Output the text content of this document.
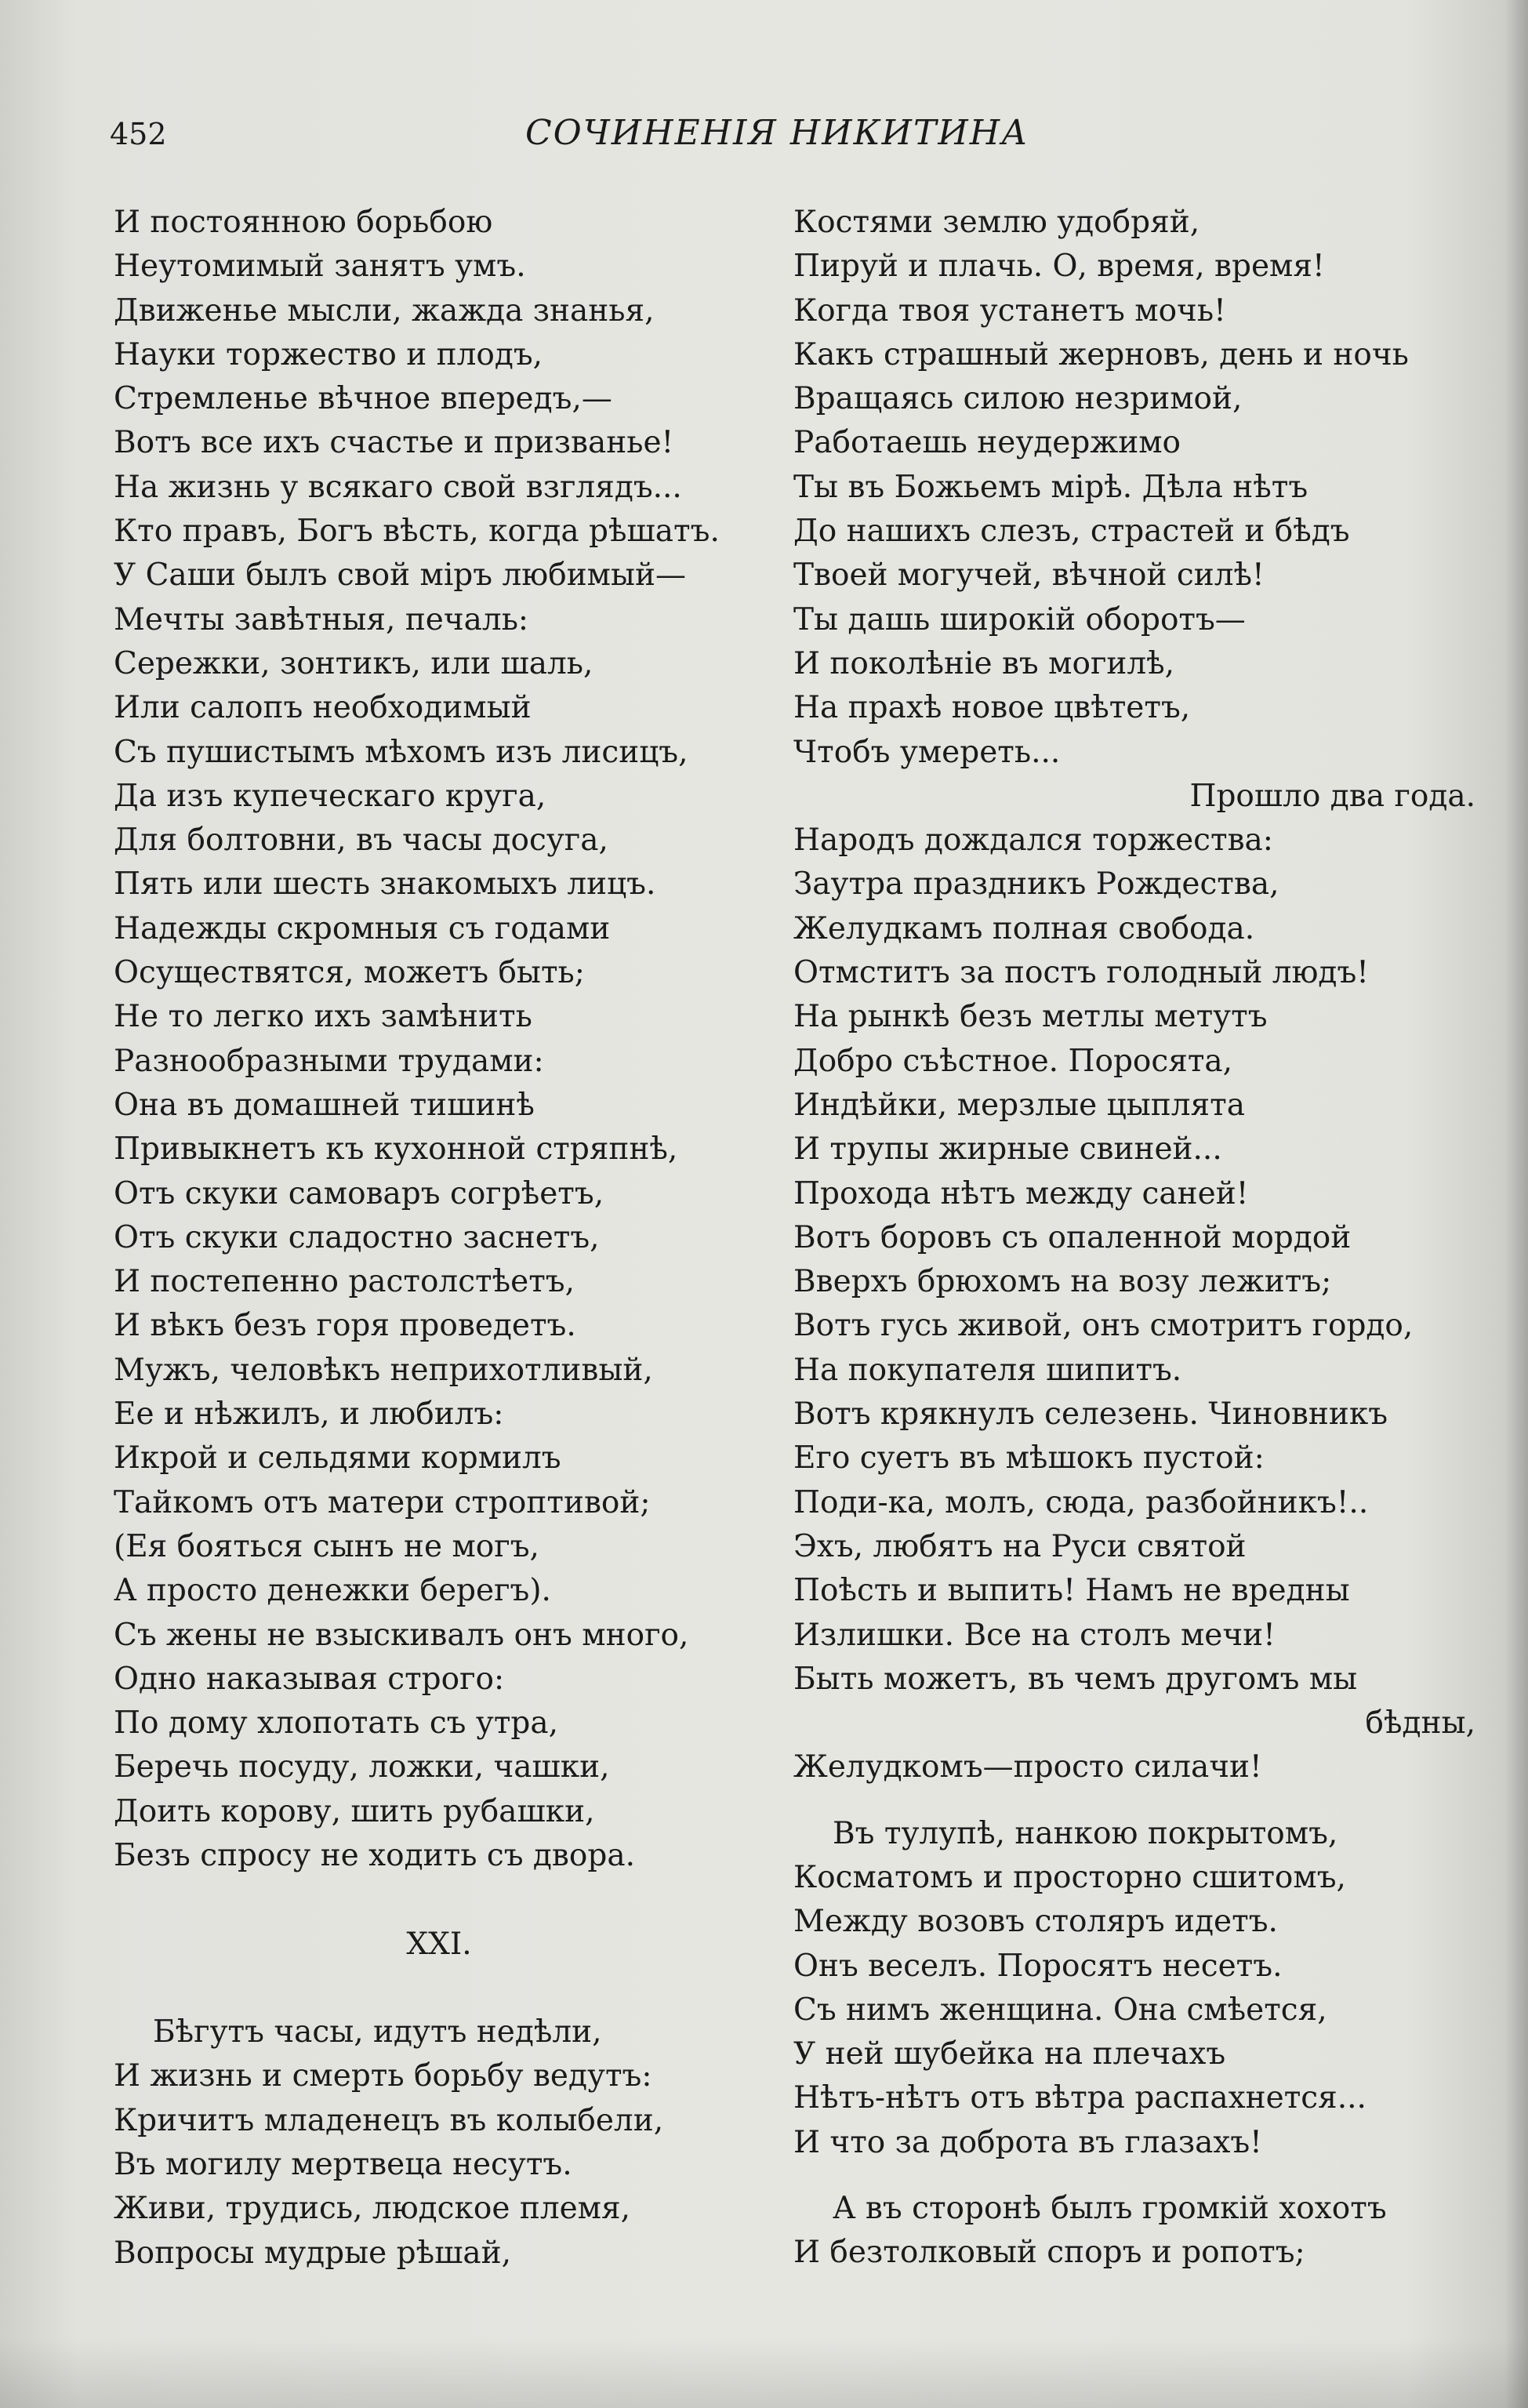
452	СОЧИНЕНІЯ НИКИТИНА
И постоянною борьбою
Неутомимый занятъ умъ.
Движенье мысли, жажда знанья,
Науки торжество и плодъ,
Стремленье вѣчное впередъ,—
Вотъ все ихъ счастье и призванье!
На жизнь у всякаго свой взглядъ...
Кто правъ, Богъ вѣсть, когда рѣшатъ.
У Саши былъ свой міръ любимый—
Мечты завѣтныя, печаль:
Сережки, зонтикъ, или шаль,
Или салопъ необходимый
Съ пушистымъ мѣхомъ изъ лисицъ,
Да изъ купеческаго круга,
Для болтовни, въ часы досуга,
Пять или шесть знакомыхъ лицъ.
Надежды скромныя съ годами
Осуществятся, можетъ быть;
Не то легко ихъ замѣнить
Разнообразными трудами:
Она въ домашней тишинѣ
Привыкнетъ къ кухонной стряпнѣ,
Отъ скуки самоваръ согрѣетъ,
Отъ скуки сладостно заснетъ,
И постепенно растолстѣетъ,
И вѣкъ безъ горя проведетъ.
Мужъ, человѣкъ неприхотливый,
Ее и нѣжилъ, и любилъ:
Икрой и сельдями кормилъ
Тайкомъ отъ матери строптивой;
(Ея бояться сынъ не могъ,
А просто денежки берегъ).
Съ жены не взыскивалъ онъ много,
Одно наказывая строго:
По дому хлопотать съ утра,
Беречь посуду, ложки, чашки,
Доить корову, шить рубашки,
Безъ спросу не ходить съ двора.
XXI.
Бѣгутъ часы, идутъ недѣли,
И жизнь и смерть борьбу ведутъ:
Кричитъ младенецъ въ колыбели,
Въ могилу мертвеца несутъ.
Живи, трудись, людское племя,
Вопросы мудрые рѣшай,
Костями землю удобряй,
Пируй и плачь. О, время, время!
Когда твоя устанетъ мочь!
Какъ страшный жерновъ, день и ночь
Вращаясь силою незримой,
Работаешь неудержимо
Ты въ Божьемъ мірѣ. Дѣла нѣтъ
До нашихъ слезъ, страстей и бѣдъ
Твоей могучей, вѣчной силѣ!
Ты дашь широкій оборотъ—
И поколѣніе въ могилѣ,
На прахѣ новое цвѣтетъ,
Чтобъ умереть...
Прошло два года.
Народъ дождался торжества:
Заутра праздникъ Рождества,
Желудкамъ полная свобода.
Отмститъ за постъ голодный людъ!
На рынкѣ безъ метлы метутъ
Добро съѣстное. Поросята,
Индѣйки, мерзлые цыплята
И трупы жирные свиней...
Прохода нѣтъ между саней!
Вотъ боровъ съ опаленной мордой
Вверхъ брюхомъ на возу лежитъ;
Вотъ гусь живой, онъ смотритъ гордо,
На покупателя шипитъ.
Вотъ крякнулъ селезень. Чиновникъ
Его суетъ въ мѣшокъ пустой:
Поди-ка, молъ, сюда, разбойникъ!..
Эхъ, любятъ на Руси святой
Поѣсть и выпить! Намъ не вредны
Излишки. Все на столъ мечи!
Быть можетъ, въ чемъ другомъ мы
бѣдны,
Желудкомъ—просто силачи!
Въ тулупѣ, нанкою покрытомъ,
Косматомъ и просторно сшитомъ,
Между возовъ столяръ идетъ.
Онъ веселъ. Поросятъ несетъ.
Съ нимъ женщина. Она смѣется,
У ней шубейка на плечахъ
Нѣтъ-нѣтъ отъ вѣтра распахнется...
И что за доброта въ глазахъ!
А въ сторонѣ былъ громкій хохотъ
И безтолковый споръ и ропотъ;
